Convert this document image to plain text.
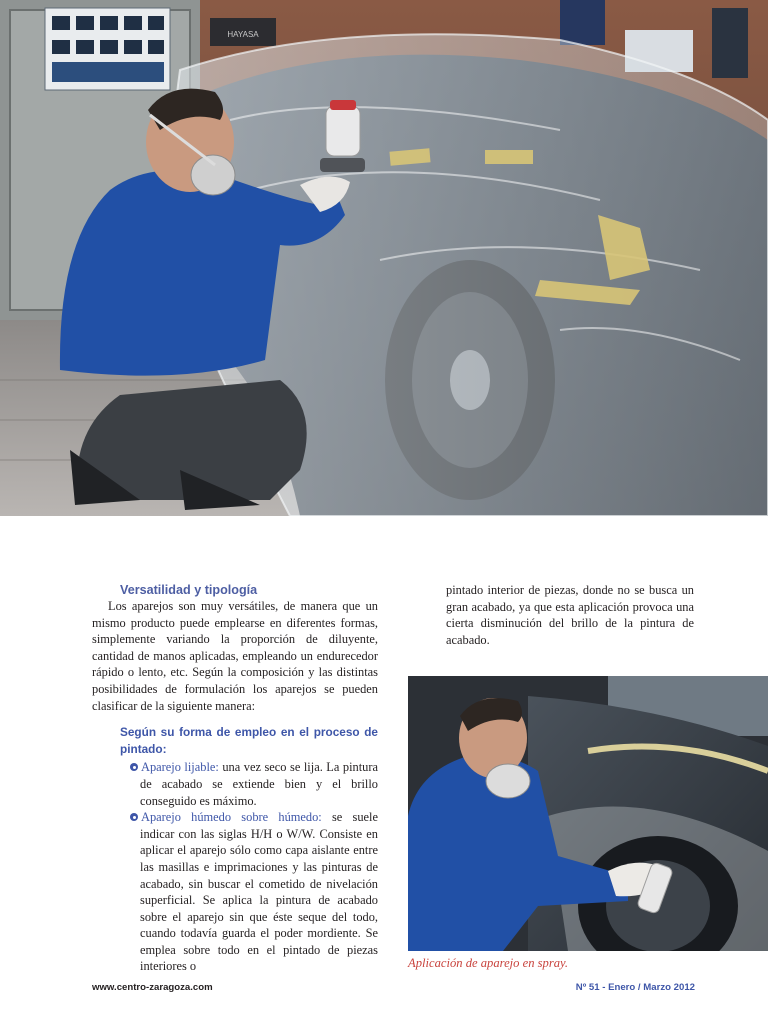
HAYASA

Versatilidad y tipología

Los aparejos son muy versátiles, de manera que un mismo producto puede emplearse en diferentes formas, simplemente variando la proporción de diluyente, cantidad de manos aplicadas, empleando un endurecedor rápido o lento, etc. Según la composición y las distintas posibilidades de formulación los aparejos se pueden clasificar de la siguiente manera:

Según su forma de empleo en el proceso de pintado:

Aparejo lijable: una vez seco se lija. La pintura de acabado se extiende bien y el brillo conseguido es máximo.

Aparejo húmedo sobre húmedo: se suele indicar con las siglas H/H o W/W. Consiste en aplicar el aparejo sólo como capa aislante entre las masillas e imprimaciones y las pinturas de acabado, sin buscar el cometido de nivelación superficial. Se aplica la pintura de acabado sobre el aparejo sin que éste seque del todo, cuando todavía guarda el poder mordiente. Se emplea sobre todo en el pintado de piezas interiores o

pintado interior de piezas, donde no se busca un gran acabado, ya que esta aplicación provoca una cierta disminución del brillo de la pintura de acabado.

Aplicación de aparejo en spray.
www.centro-zaragoza.com	Nº 51 - Enero / Marzo 2012
